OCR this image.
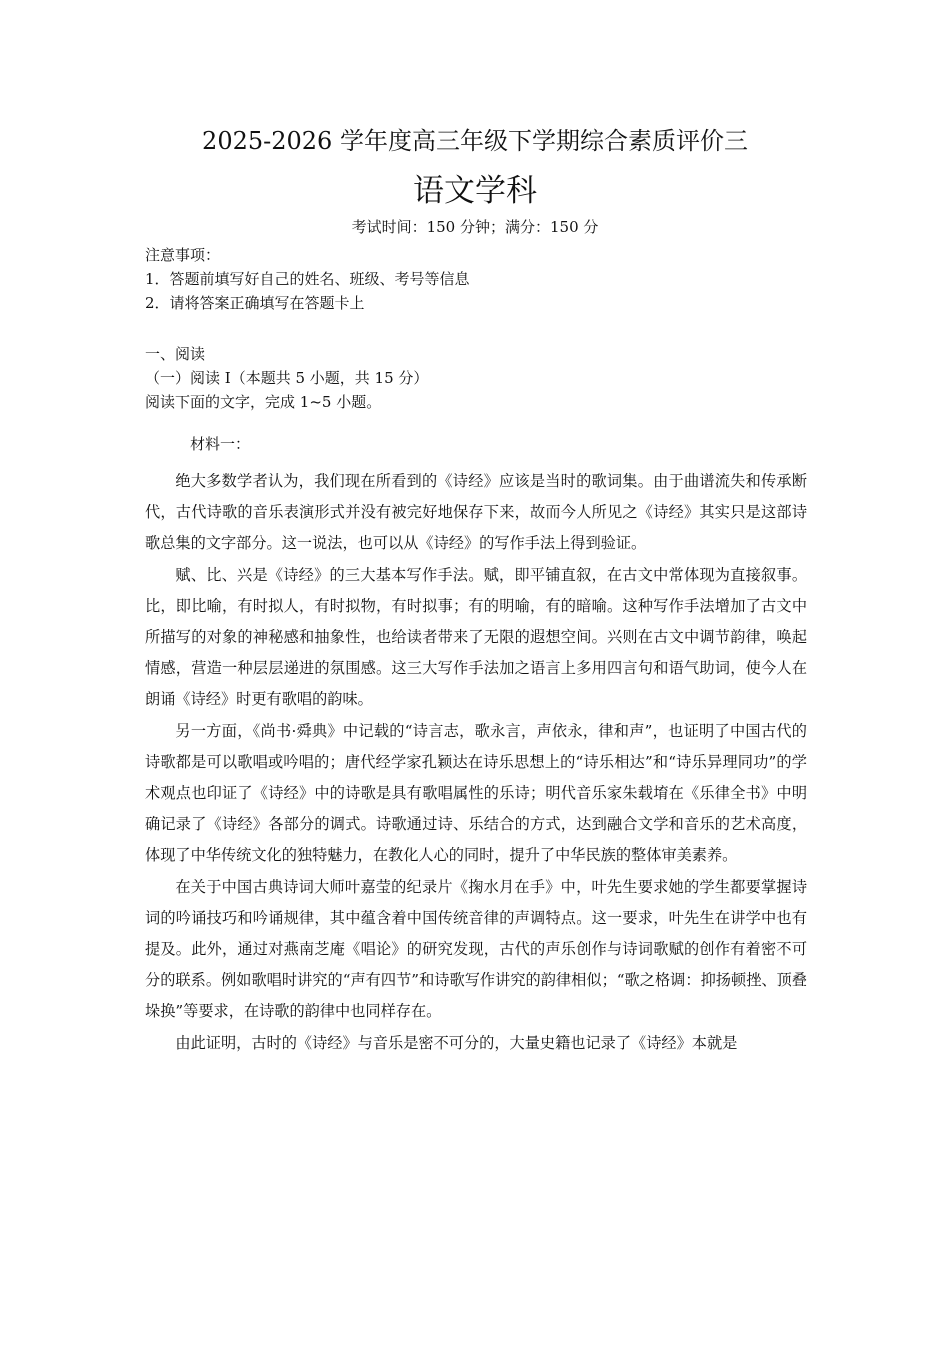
2025-2026 学年度高三年级下学期综合素质评价三
语文学科
考试时间：150 分钟；满分：150 分
注意事项：
1．答题前填写好自己的姓名、班级、考号等信息
2．请将答案正确填写在答题卡上
一、阅读
（一）阅读 I（本题共 5 小题，共 15 分）
阅读下面的文字，完成 1~5 小题。
材料一：

绝大多数学者认为，我们现在所看到的《诗经》应该是当时的歌词集。由于曲谱流失和传承断代，古代诗歌的音乐表演形式并没有被完好地保存下来，故而今人所见之《诗经》其实只是这部诗歌总集的文字部分。这一说法，也可以从《诗经》的写作手法上得到验证。

赋、比、兴是《诗经》的三大基本写作手法。赋，即平铺直叙，在古文中常体现为直接叙事。比，即比喻，有时拟人，有时拟物，有时拟事；有的明喻，有的暗喻。这种写作手法增加了古文中所描写的对象的神秘感和抽象性，也给读者带来了无限的遐想空间。兴则在古文中调节韵律，唤起情感，营造一种层层递进的氛围感。这三大写作手法加之语言上多用四言句和语气助词，使今人在朗诵《诗经》时更有歌唱的韵味。

另一方面，《尚书·舜典》中记载的“诗言志，歌永言，声依永，律和声”，也证明了中国古代的诗歌都是可以歌唱或吟唱的；唐代经学家孔颖达在诗乐思想上的“诗乐相达”和“诗乐异理同功”的学术观点也印证了《诗经》中的诗歌是具有歌唱属性的乐诗；明代音乐家朱载堉在《乐律全书》中明确记录了《诗经》各部分的调式。诗歌通过诗、乐结合的方式，达到融合文学和音乐的艺术高度，体现了中华传统文化的独特魅力，在教化人心的同时，提升了中华民族的整体审美素养。

在关于中国古典诗词大师叶嘉莹的纪录片《掬水月在手》中，叶先生要求她的学生都要掌握诗词的吟诵技巧和吟诵规律，其中蕴含着中国传统音律的声调特点。这一要求，叶先生在讲学中也有提及。此外，通过对燕南芝庵《唱论》的研究发现，古代的声乐创作与诗词歌赋的创作有着密不可分的联系。例如歌唱时讲究的“声有四节”和诗歌写作讲究的韵律相似；“歌之格调：抑扬顿挫、顶叠垛换”等要求，在诗歌的韵律中也同样存在。

由此证明，古时的《诗经》与音乐是密不可分的，大量史籍也记录了《诗经》本就是
